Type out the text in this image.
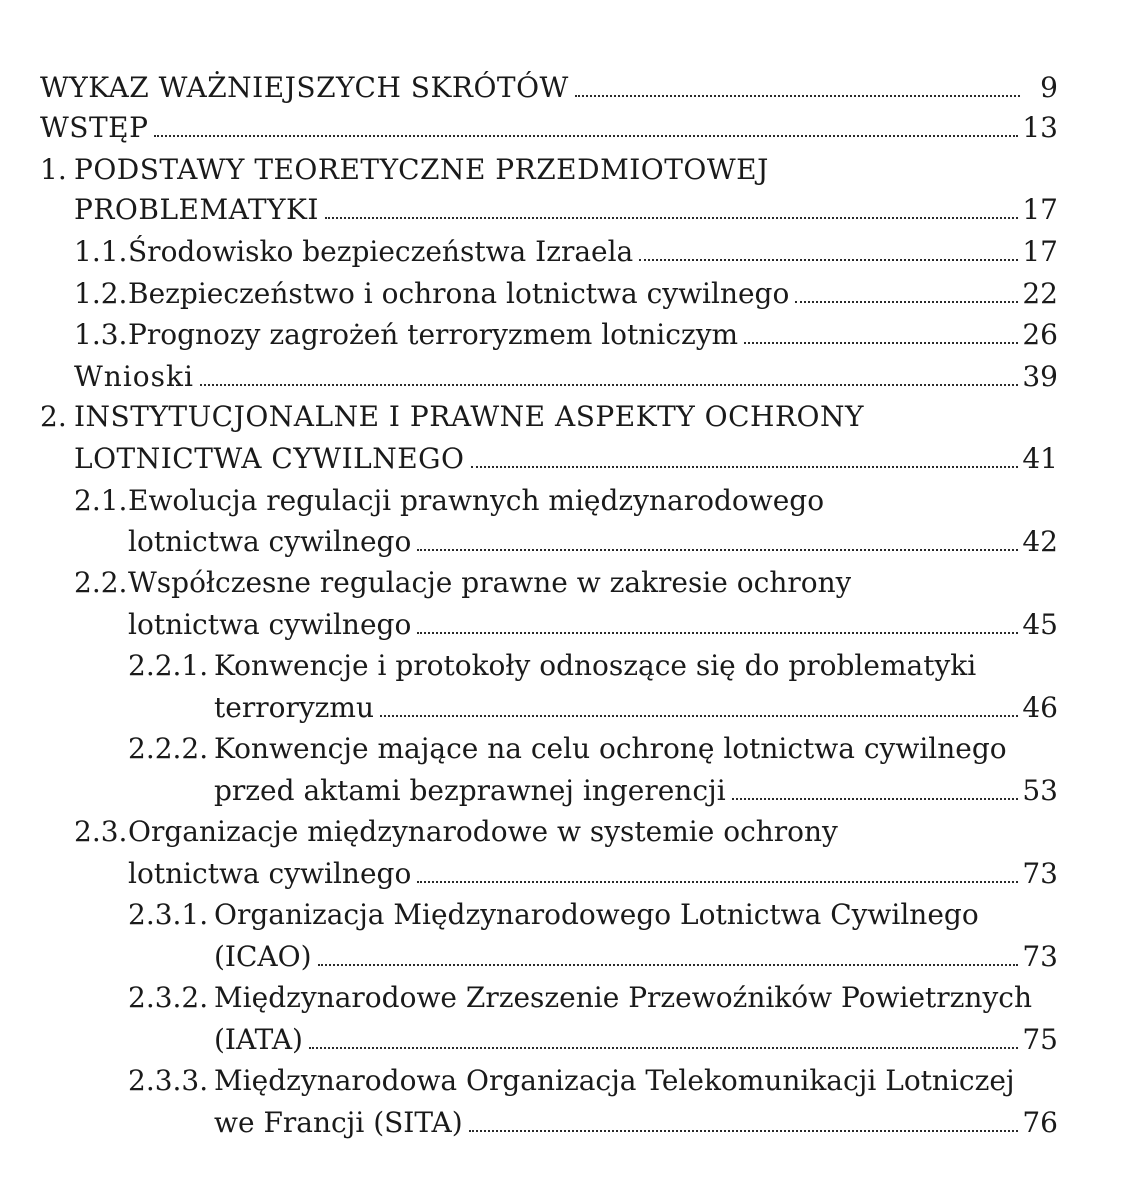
WYKAZ WAŻNIEJSZYCH SKRÓTÓW	9
WSTĘP	13
1. PODSTAWY TEORETYCZNE PRZEDMIOTOWEJ
PROBLEMATYKI	17
1.1. Środowisko bezpieczeństwa Izraela	17
1.2. Bezpieczeństwo i ochrona lotnictwa cywilnego	22
1.3. Prognozy zagrożeń terroryzmem lotniczym	26
Wnioski	39
2. INSTYTUCJONALNE I PRAWNE ASPEKTY OCHRONY
LOTNICTWA CYWILNEGO	41
2.1. Ewolucja regulacji prawnych międzynarodowego
lotnictwa cywilnego	42
2.2. Współczesne regulacje prawne w zakresie ochrony
lotnictwa cywilnego	45
2.2.1. Konwencje i protokoły odnoszące się do problematyki
terroryzmu	46
2.2.2. Konwencje mające na celu ochronę lotnictwa cywilnego
przed aktami bezprawnej ingerencji	53
2.3. Organizacje międzynarodowe w systemie ochrony
lotnictwa cywilnego	73
2.3.1. Organizacja Międzynarodowego Lotnictwa Cywilnego
(ICAO)	73
2.3.2. Międzynarodowe Zrzeszenie Przewoźników Powietrznych
(IATA)	75
2.3.3. Międzynarodowa Organizacja Telekomunikacji Lotniczej
we Francji (SITA)	76
